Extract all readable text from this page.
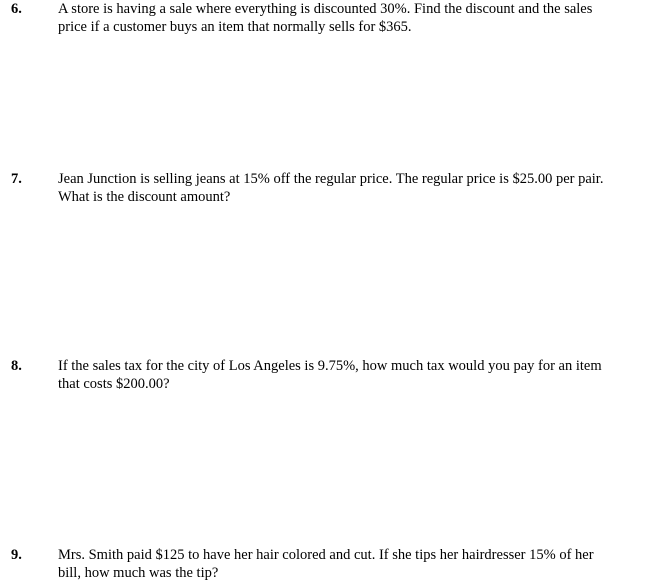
6. A store is having a sale where everything is discounted 30%. Find the discount and the sales
price if a customer buys an item that normally sells for $365.
7. Jean Junction is selling jeans at 15% off the regular price. The regular price is $25.00 per pair.
What is the discount amount?
8. If the sales tax for the city of Los Angeles is 9.75%, how much tax would you pay for an item
that costs $200.00?
9. Mrs. Smith paid $125 to have her hair colored and cut. If she tips her hairdresser 15% of her
bill, how much was the tip?
